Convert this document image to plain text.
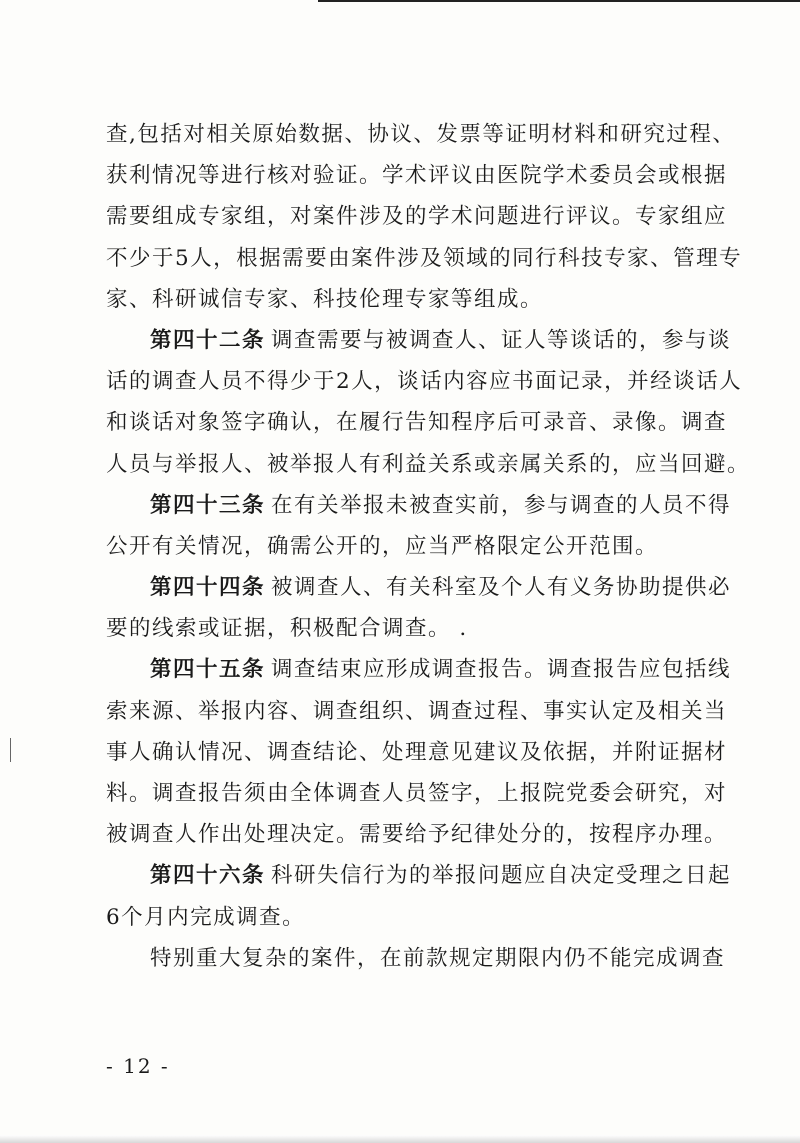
查,包括对相关原始数据、协议、发票等证明材料和研究过程、
获利情况等进行核对验证。学术评议由医院学术委员会或根据
需要组成专家组，对案件涉及的学术问题进行评议。专家组应
不少于5人，根据需要由案件涉及领域的同行科技专家、管理专
家、科研诚信专家、科技伦理专家等组成。
第四十二条 调查需要与被调查人、证人等谈话的，参与谈
话的调查人员不得少于2人，谈话内容应书面记录，并经谈话人
和谈话对象签字确认，在履行告知程序后可录音、录像。调查
人员与举报人、被举报人有利益关系或亲属关系的，应当回避。
第四十三条 在有关举报未被查实前，参与调查的人员不得
公开有关情况，确需公开的，应当严格限定公开范围。
第四十四条 被调查人、有关科室及个人有义务协助提供必
要的线索或证据，积极配合调查。 .
第四十五条 调查结束应形成调查报告。调查报告应包括线
索来源、举报内容、调查组织、调查过程、事实认定及相关当
事人确认情况、调查结论、处理意见建议及依据，并附证据材
料。调查报告须由全体调查人员签字，上报院党委会研究，对
被调查人作出处理决定。需要给予纪律处分的，按程序办理。
第四十六条 科研失信行为的举报问题应自决定受理之日起
6个月内完成调查。
特别重大复杂的案件，在前款规定期限内仍不能完成调查
- 12 -
